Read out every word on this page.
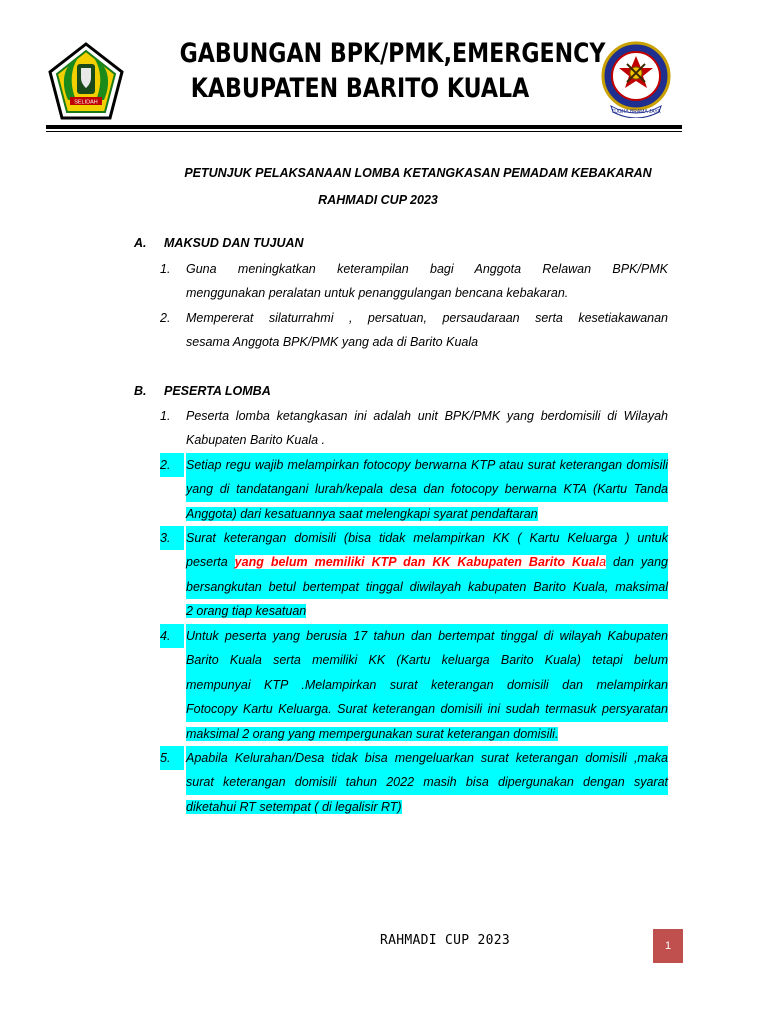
SELIDAH
GABUNGAN BPK/PMK,EMERGENCY
KABUPATEN BARITO KUALA
TUGHA BRAMA JAYA
PETUNJUK PELAKSANAAN LOMBA KETANGKASAN PEMADAM KEBAKARAN
RAHMADI CUP 2023
A. MAKSUD DAN TUJUAN
1.	Guna meningkatkan keterampilan bagi Anggota Relawan BPK/PMK
menggunakan peralatan untuk penanggulangan bencana kebakaran.
2.	Mempererat silaturrahmi , persatuan, persaudaraan serta kesetiakawanan
sesama Anggota BPK/PMK yang ada di Barito Kuala
B. PESERTA LOMBA
1.	Peserta lomba ketangkasan ini adalah unit BPK/PMK yang berdomisili di Wilayah
Kabupaten Barito Kuala .
2.	Setiap regu wajib melampirkan fotocopy berwarna KTP atau surat keterangan domisili
yang di tandatangani lurah/kepala desa dan fotocopy berwarna KTA (Kartu Tanda
Anggota) dari kesatuannya saat melengkapi syarat pendaftaran
3.	Surat keterangan domisili (bisa tidak melampirkan KK ( Kartu Keluarga ) untuk
peserta yang belum memiliki KTP dan KK Kabupaten Barito Kuala dan yang
bersangkutan betul bertempat tinggal diwilayah kabupaten Barito Kuala, maksimal
2 orang tiap kesatuan
4.	Untuk peserta yang berusia 17 tahun dan bertempat tinggal di wilayah Kabupaten
Barito Kuala serta memiliki KK (Kartu keluarga Barito Kuala) tetapi belum
mempunyai KTP .Melampirkan surat keterangan domisili dan melampirkan
Fotocopy Kartu Keluarga. Surat keterangan domisili ini sudah termasuk persyaratan
maksimal 2 orang yang mempergunakan surat keterangan domisili.
5.	Apabila Kelurahan/Desa tidak bisa mengeluarkan surat keterangan domisili ,maka
surat keterangan domisili tahun 2022 masih bisa dipergunakan dengan syarat
diketahui RT setempat ( di legalisir RT)
RAHMADI CUP 2023	1
